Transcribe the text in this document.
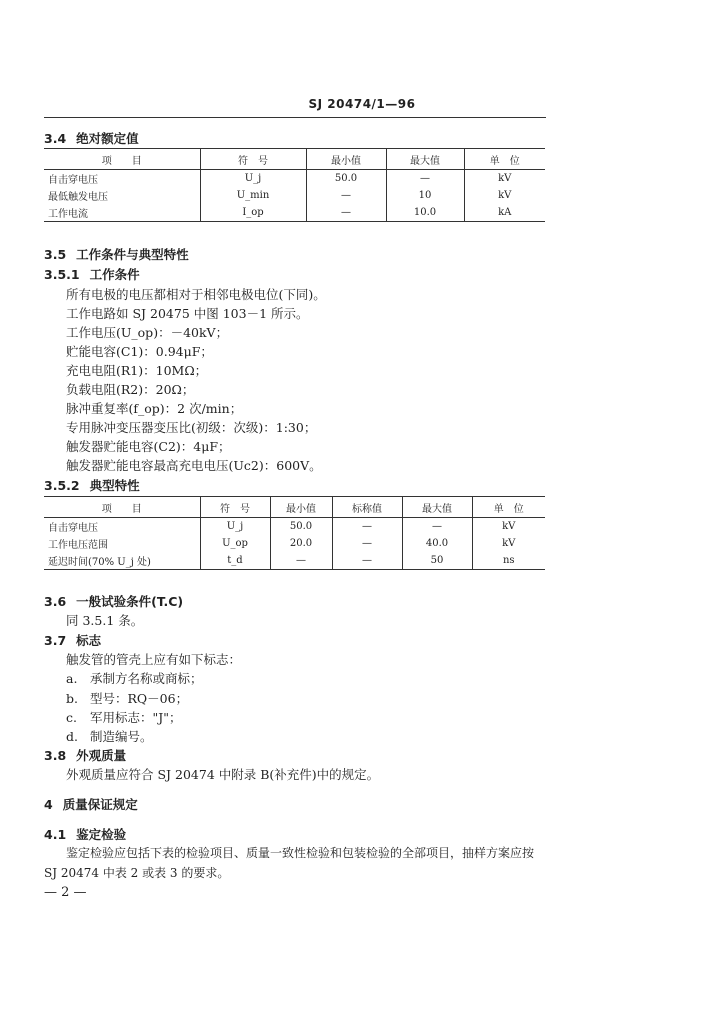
SJ 20474/1—96
3.4 绝对额定值
项　　目	符　号	最小值	最大值	单　位
自击穿电压	U_j	50.0	—	kV
最低触发电压	U_min	—	10	kV
工作电流	I_op	—	10.0	kA
3.5 工作条件与典型特性
3.5.1 工作条件
所有电极的电压都相对于相邻电极电位(下同)。
工作电路如 SJ 20475 中图 103－1 所示。
工作电压(U_op)：－40kV；
贮能电容(C1)：0.94μF；
充电电阻(R1)：10MΩ；
负载电阻(R2)：20Ω；
脉冲重复率(f_op)：2 次/min；
专用脉冲变压器变压比(初级：次级)：1:30；
触发器贮能电容(C2)：4μF；
触发器贮能电容最高充电电压(Uc2)：600V。
3.5.2 典型特性
项　　目	符　号	最小值	标称值	最大值	单　位
自击穿电压	U_j	50.0	—	—	kV
工作电压范围	U_op	20.0	—	40.0	kV
延迟时间(70% U_j 处)	t_d	—	—	50	ns
3.6 一般试验条件(T.C)
同 3.5.1 条。
3.7 标志
触发管的管壳上应有如下标志：
a. 承制方名称或商标；
b. 型号：RQ－06；
c. 军用标志："J"；
d. 制造编号。
3.8 外观质量
外观质量应符合 SJ 20474 中附录 B(补充件)中的规定。
4 质量保证规定
4.1 鉴定检验
鉴定检验应包括下表的检验项目、质量一致性检验和包装检验的全部项目，抽样方案应按
SJ 20474 中表 2 或表 3 的要求。
— 2 —
